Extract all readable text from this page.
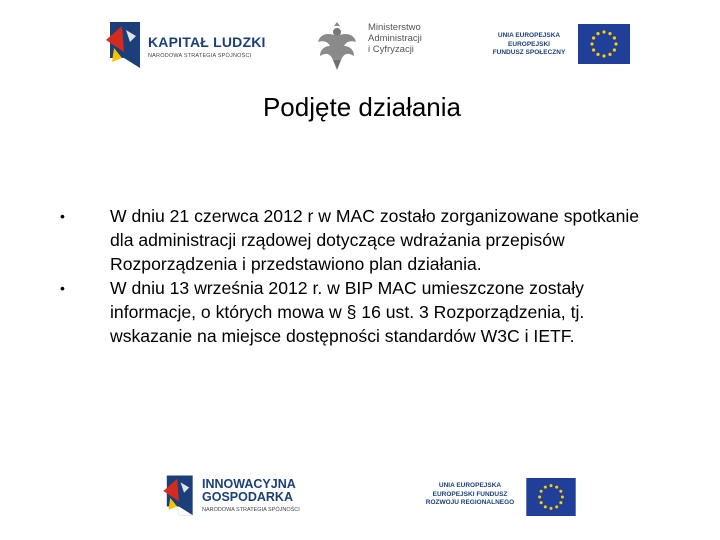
KAPITAŁ LUDZKI
NARODOWA STRATEGIA SPÓJNOŚCI
Ministerstwo
Administracji
i Cyfryzacji
UNIA EUROPEJSKA
EUROPEJSKI
FUNDUSZ SPOŁECZNY
Podjęte działania
•	W dniu 21 czerwca 2012 r w MAC zostało zorganizowane spotkanie dla administracji rządowej dotyczące wdrażania przepisów Rozporządzenia i przedstawiono plan działania.
•	W dniu 13 września 2012 r. w BIP MAC umieszczone zostały informacje, o których mowa w § 16 ust. 3 Rozporządzenia, tj. wskazanie na miejsce dostępności standardów W3C i IETF.
INNOWACYJNA
GOSPODARKA
NARODOWA STRATEGIA SPÓJNOŚCI
UNIA EUROPEJSKA
EUROPEJSKI FUNDUSZ
ROZWOJU REGIONALNEGO
